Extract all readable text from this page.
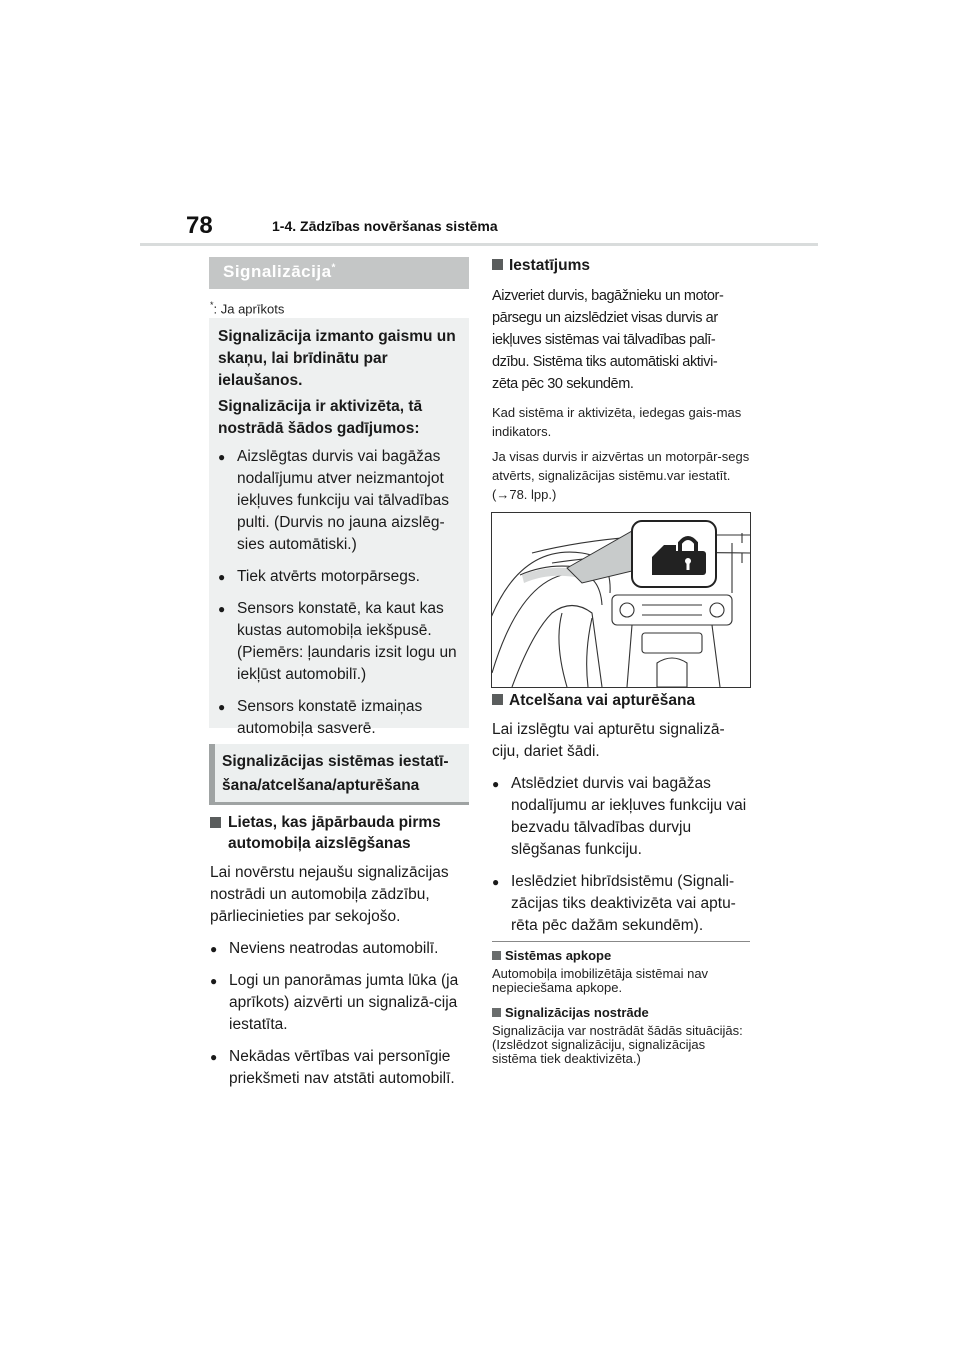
78	1-4. Zādzības novēršanas sistēma
Signalizācija*
*: Ja aprīkots

Signalizācija izmanto gaismu un skaņu, lai brīdinātu par ielaušanos.

Signalizācija ir aktivizēta, tā nostrādā šādos gadījumos:

● Aizslēgtas durvis vai bagāžas nodalījumu atver neizmantojot iekļuves funkciju vai tālvadības pulti. (Durvis no jauna aizslēg-sies automātiski.)
● Tiek atvērts motorpārsegs.
● Sensors konstatē, ka kaut kas kustas automobiļa iekšpusē. (Piemērs: ļaundaris izsit logu un iekļūst automobilī.)
● Sensors konstatē izmaiņas automobiļa sasverē.
Signalizācijas sistēmas iestatī-šana/atcelšana/apturēšana
Lietas, kas jāpārbauda pirms automobiļa aizslēgšanas
Lai novērstu nejaušu signalizācijas nostrādi un automobiļa zādzību, pārliecinieties par sekojošo.
● Neviens neatrodas automobilī.
● Logi un panorāmas jumta lūka (ja aprīkots) aizvērti un signalizā-cija iestatīta.
● Nekādas vērtības vai personīgie priekšmeti nav atstāti automobilī.
Iestatījums
Aizveriet durvis, bagāžnieku un motor-
pārsegu un aizslēdziet visas durvis ar
iekļuves sistēmas vai tālvadības palī-
dzību. Sistēma tiks automātiski aktivi-
zēta pēc 30 sekundēm.
Kad sistēma ir aktivizēta, iedegas gais-mas indikators.
Ja visas durvis ir aizvērtas un motorpār-segs atvērts, signalizācijas sistēmu.var iestatīt. (→78. lpp.)
Atcelšana vai apturēšana
Lai izslēgtu vai apturētu signalizā-ciju, dariet šādi.
● Atslēdziet durvis vai bagāžas nodalījumu ar iekļuves funkciju vai bezvadu tālvadības durvju slēgšanas funkciju.
● Ieslēdziet hibrīdsistēmu (Signali-zācijas tiks deaktivizēta vai aptu-rēta pēc dažām sekundēm).
Sistēmas apkope
Automobiļa imobilizētāja sistēmai nav nepieciešama apkope.
Signalizācijas nostrāde
Signalizācija var nostrādāt šādās situācijās:
(Izslēdzot signalizāciju, signalizācijas sistēma tiek deaktivizēta.)
